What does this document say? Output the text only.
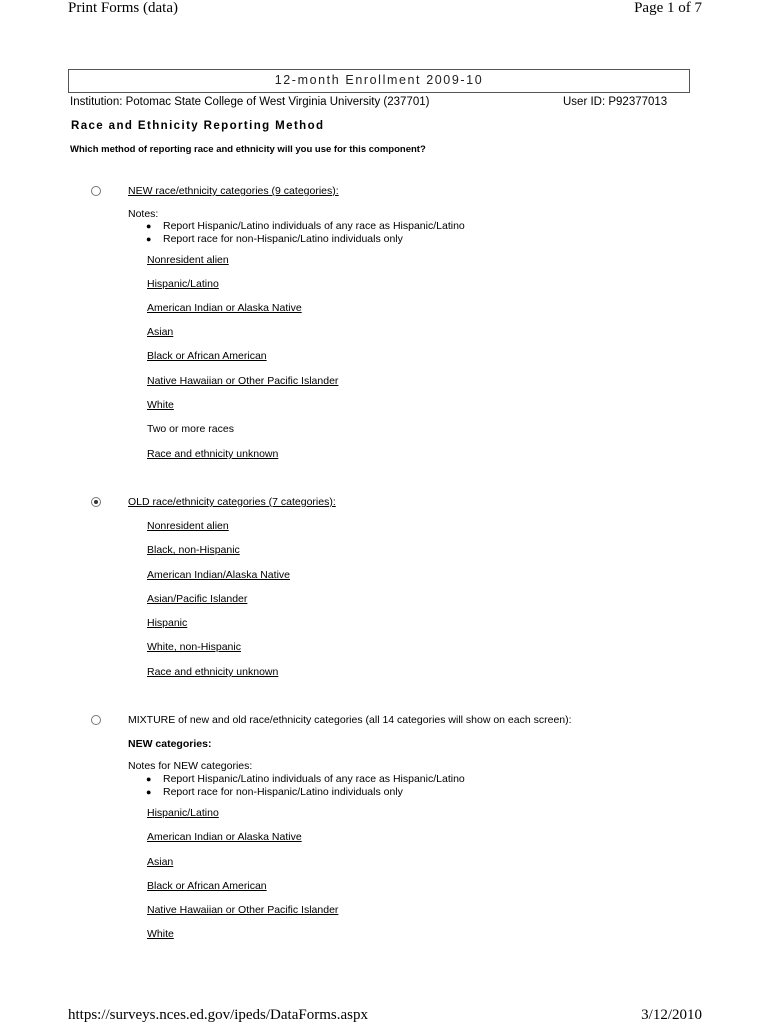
Print Forms (data)	Page 1 of 7
12-month Enrollment 2009-10
Institution: Potomac State College of West Virginia University (237701)	User ID: P92377013
Race and Ethnicity Reporting Method
Which method of reporting race and ethnicity will you use for this component?
NEW race/ethnicity categories (9 categories):
Notes:
● Report Hispanic/Latino individuals of any race as Hispanic/Latino
● Report race for non-Hispanic/Latino individuals only
Nonresident alien
Hispanic/Latino
American Indian or Alaska Native
Asian
Black or African American
Native Hawaiian or Other Pacific Islander
White
Two or more races
Race and ethnicity unknown
OLD race/ethnicity categories (7 categories):
Nonresident alien
Black, non-Hispanic
American Indian/Alaska Native
Asian/Pacific Islander
Hispanic
White, non-Hispanic
Race and ethnicity unknown
MIXTURE of new and old race/ethnicity categories (all 14 categories will show on each screen):
NEW categories:
Notes for NEW categories:
● Report Hispanic/Latino individuals of any race as Hispanic/Latino
● Report race for non-Hispanic/Latino individuals only
Hispanic/Latino
American Indian or Alaska Native
Asian
Black or African American
Native Hawaiian or Other Pacific Islander
White
https://surveys.nces.ed.gov/ipeds/DataForms.aspx	3/12/2010
